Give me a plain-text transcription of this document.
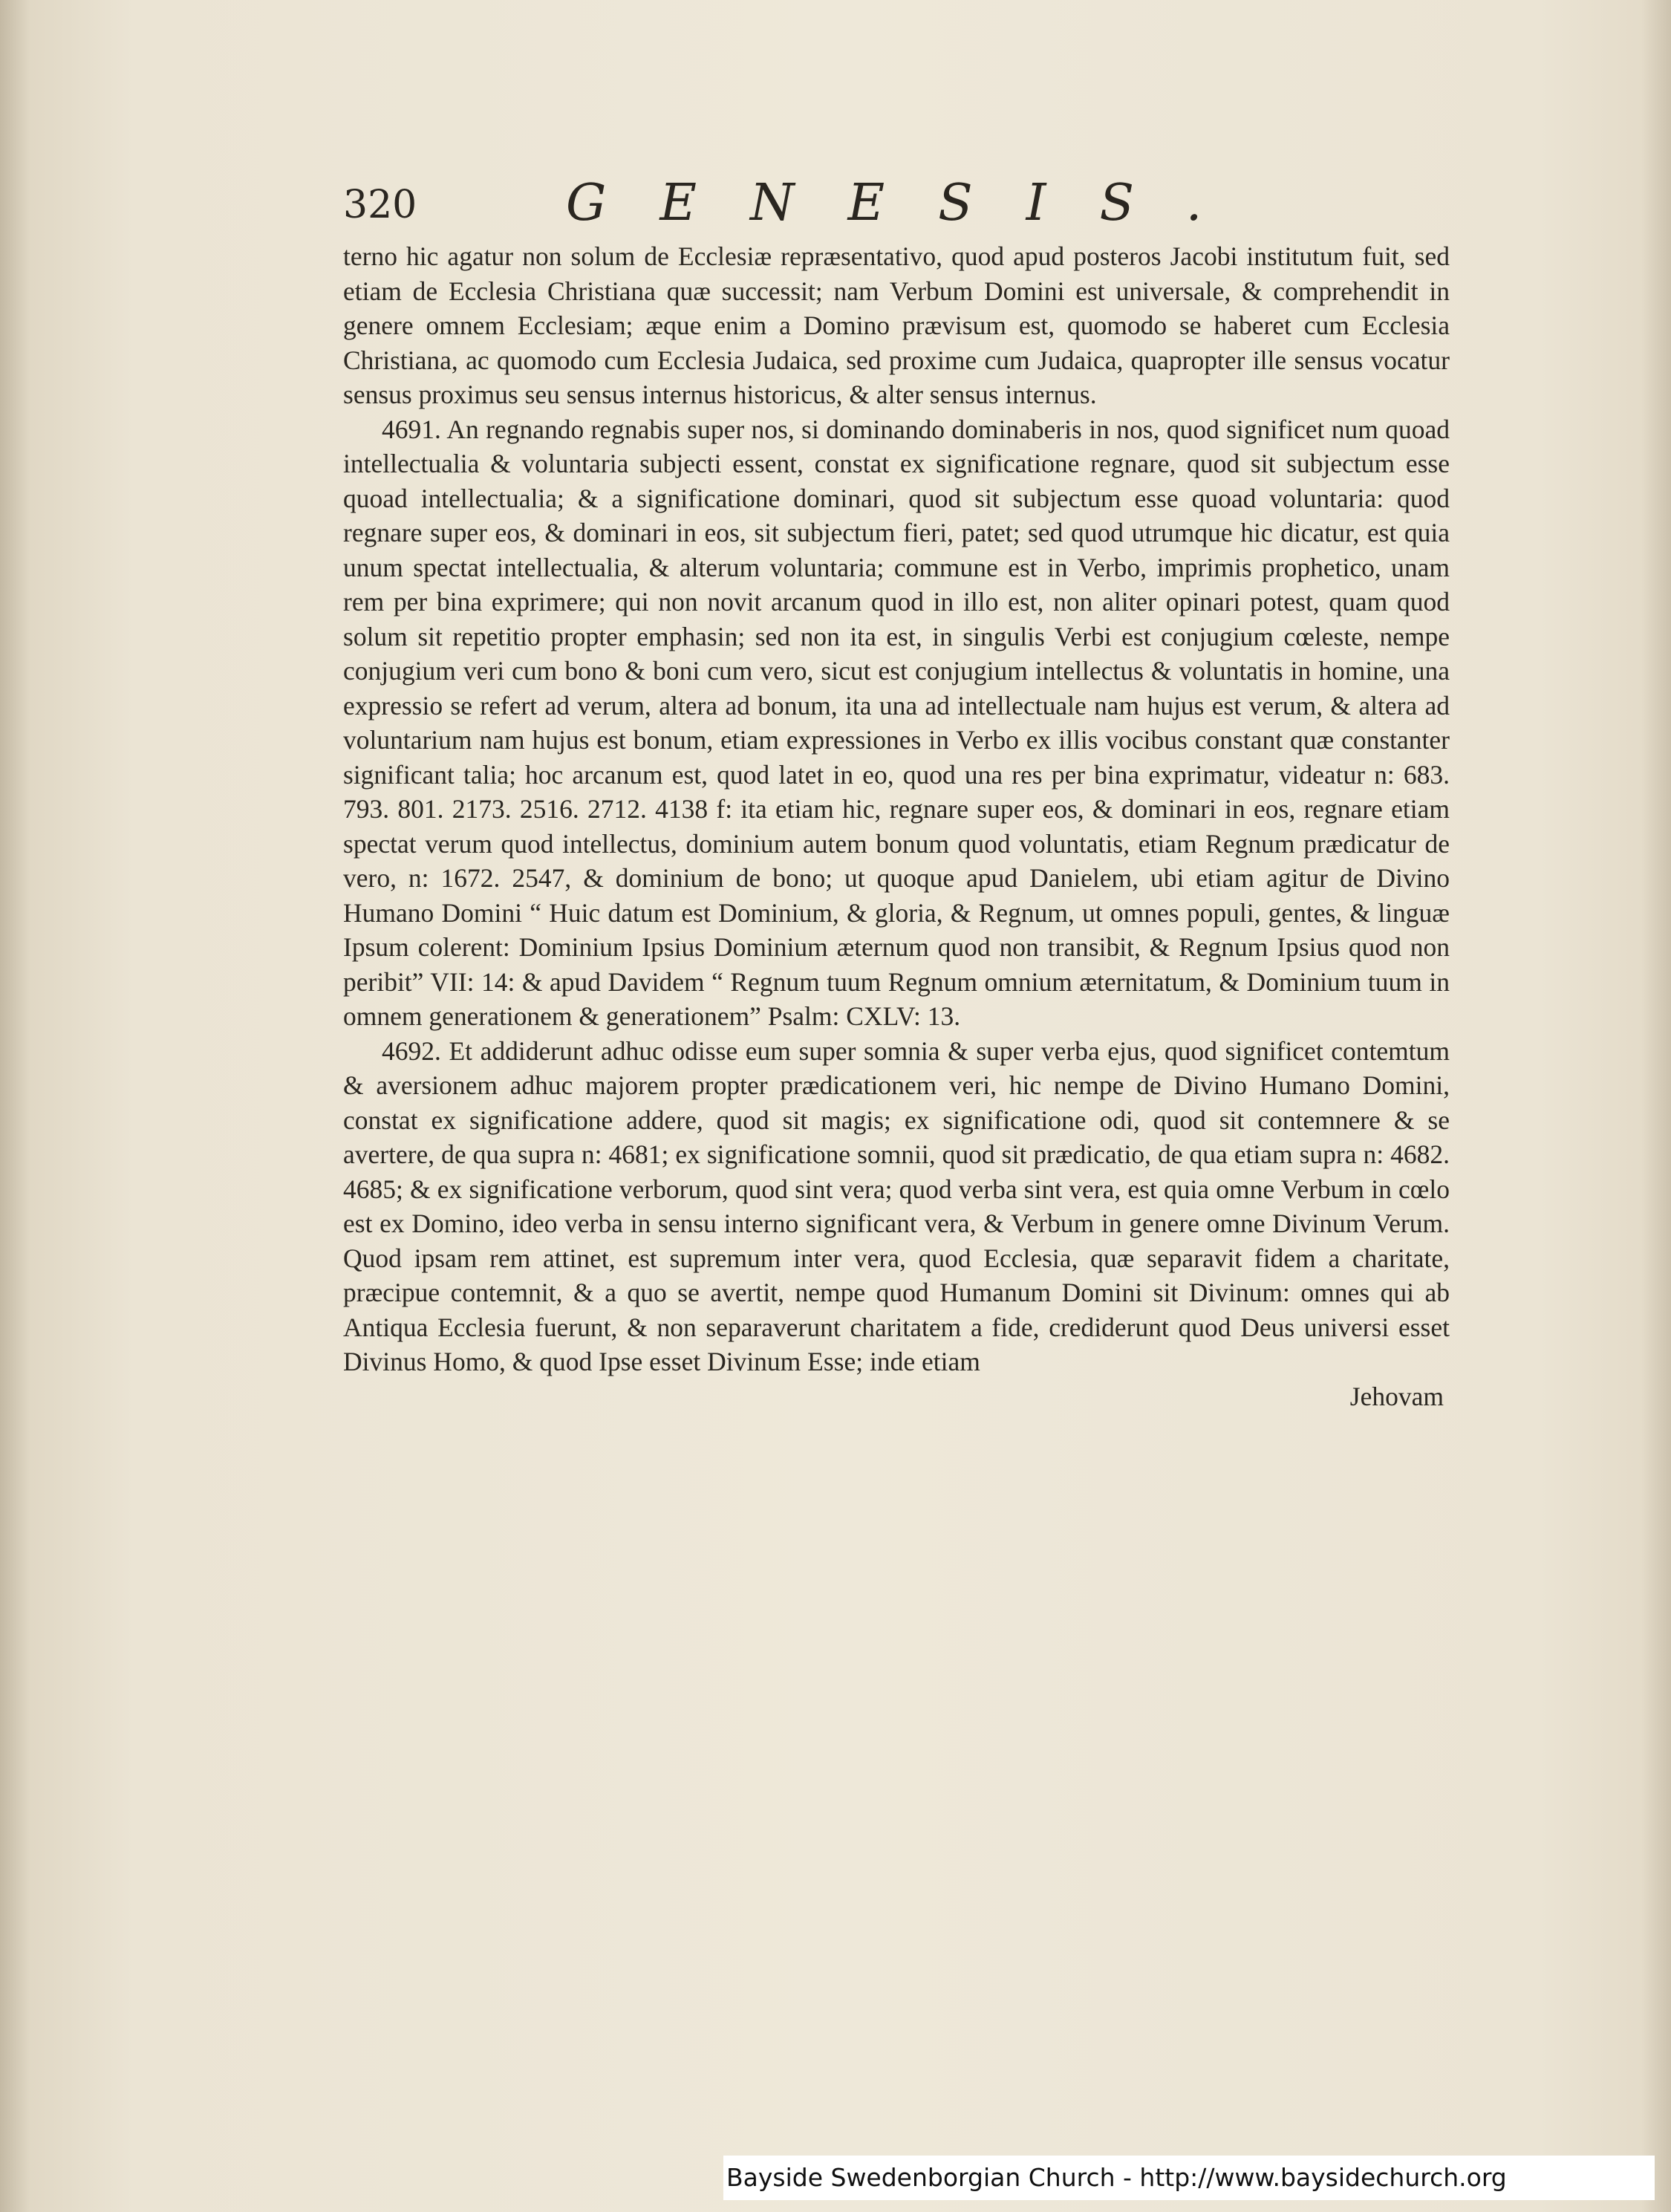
320	GENESIS.

terno hic agatur non solum de Ecclesiæ repræsentativo, quod apud posteros Jacobi institutum fuit, sed etiam de Ecclesia Christiana quæ successit; nam Verbum Domini est universale, & comprehendit in genere omnem Ecclesiam; æque enim a Domino prævisum est, quomodo se haberet cum Ecclesia Christiana, ac quomodo cum Ecclesia Judaica, sed proxime cum Judaica, quapropter ille sensus vocatur sensus proximus seu sensus internus historicus, & alter sensus internus.

4691. An regnando regnabis super nos, si dominando dominaberis in nos, quod significet num quoad intellectualia & voluntaria subjecti essent, constat ex significatione regnare, quod sit subjectum esse quoad intellectualia; & a significatione dominari, quod sit subjectum esse quoad voluntaria: quod regnare super eos, & dominari in eos, sit subjectum fieri, patet; sed quod utrumque hic dicatur, est quia unum spectat intellectualia, & alterum voluntaria; commune est in Verbo, imprimis prophetico, unam rem per bina exprimere; qui non novit arcanum quod in illo est, non aliter opinari potest, quam quod solum sit repetitio propter emphasin; sed non ita est, in singulis Verbi est conjugium cœleste, nempe conjugium veri cum bono & boni cum vero, sicut est conjugium intellectus & voluntatis in homine, una expressio se refert ad verum, altera ad bonum, ita una ad intellectuale nam hujus est verum, & altera ad voluntarium nam hujus est bonum, etiam expressiones in Verbo ex illis vocibus constant quæ constanter significant talia; hoc arcanum est, quod latet in eo, quod una res per bina exprimatur, videatur n: 683. 793. 801. 2173. 2516. 2712. 4138 f: ita etiam hic, regnare super eos, & dominari in eos, regnare etiam spectat verum quod intellectus, dominium autem bonum quod voluntatis, etiam Regnum prædicatur de vero, n: 1672. 2547, & dominium de bono; ut quoque apud Danielem, ubi etiam agitur de Divino Humano Domini “ Huic datum est Dominium, & gloria, & Regnum, ut omnes populi, gentes, & linguæ Ipsum colerent: Dominium Ipsius Dominium æternum quod non transibit, & Regnum Ipsius quod non peribit” VII: 14: & apud Davidem “ Regnum tuum Regnum omnium æternitatum, & Dominium tuum in omnem generationem & generationem” Psalm: CXLV: 13.

4692. Et addiderunt adhuc odisse eum super somnia & super verba ejus, quod significet contemtum & aversionem adhuc majorem propter prædicationem veri, hic nempe de Divino Humano Domini, constat ex significatione addere, quod sit magis; ex significatione odi, quod sit contemnere & se avertere, de qua supra n: 4681; ex significatione somnii, quod sit prædicatio, de qua etiam supra n: 4682. 4685; & ex significatione verborum, quod sint vera; quod verba sint vera, est quia omne Verbum in cœlo est ex Domino, ideo verba in sensu interno significant vera, & Verbum in genere omne Divinum Verum. Quod ipsam rem attinet, est supremum inter vera, quod Ecclesia, quæ separavit fidem a charitate, præcipue contemnit, & a quo se avertit, nempe quod Humanum Domini sit Divinum: omnes qui ab Antiqua Ecclesia fuerunt, & non separaverunt charitatem a fide, crediderunt quod Deus universi esset Divinus Homo, & quod Ipse esset Divinum Esse; inde etiam

Jehovam

Bayside Swedenborgian Church - http://www.baysidechurch.org
